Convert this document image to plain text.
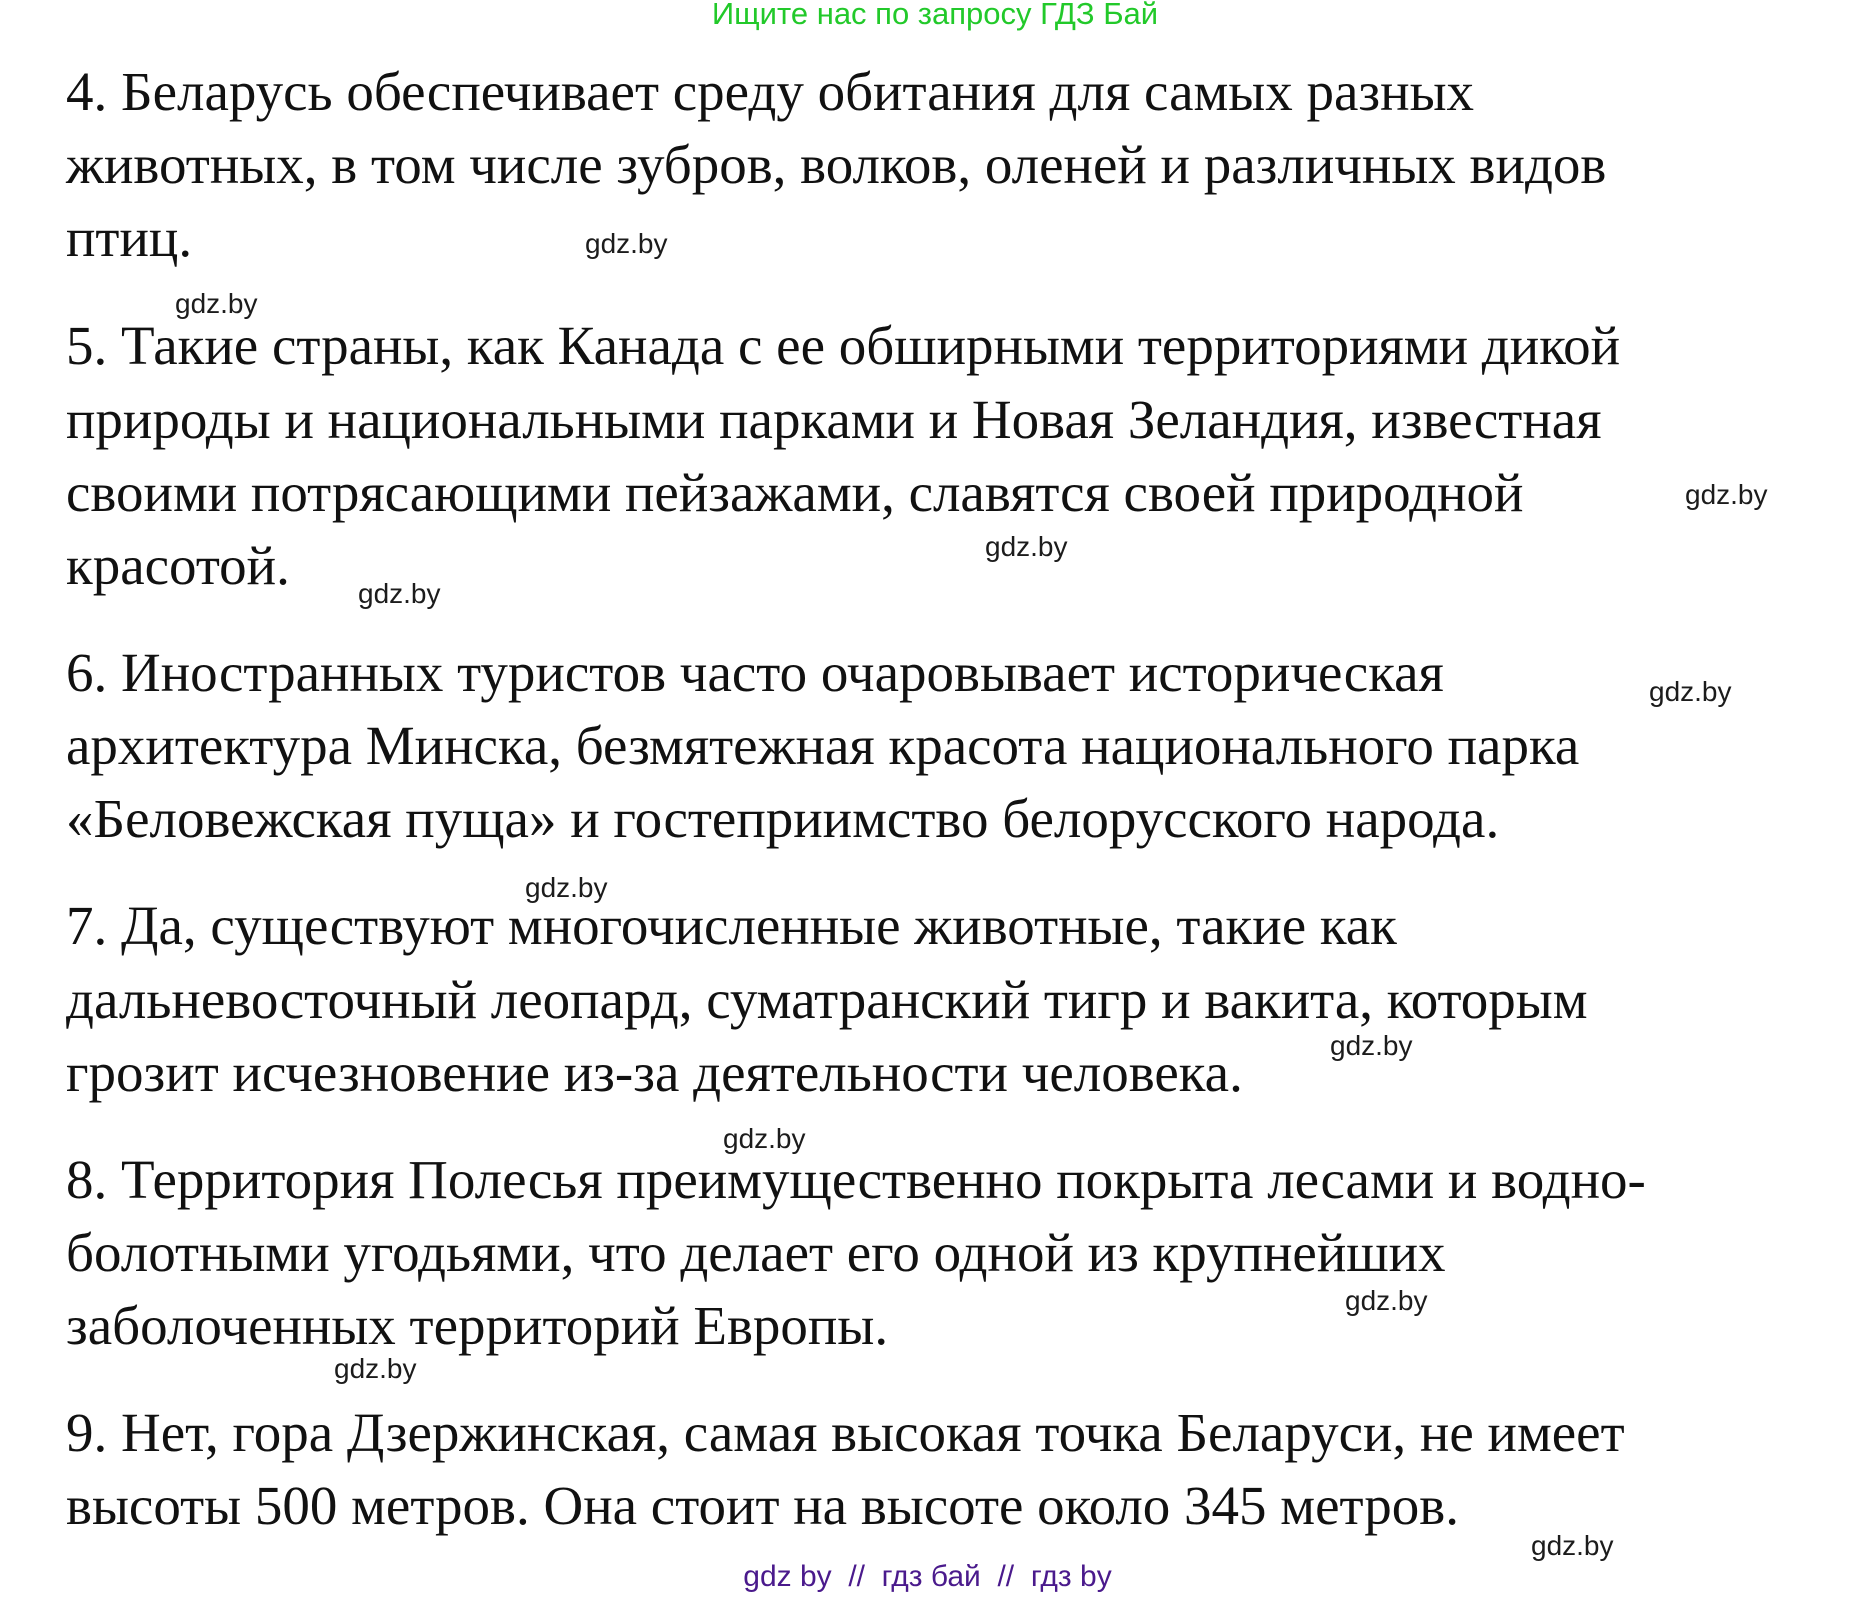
Ищите нас по запросу ГДЗ Бай
4. Беларусь обеспечивает среду обитания для самых разных
животных, в том числе зубров, волков, оленей и различных видов
птиц.
5. Такие страны, как Канада с ее обширными территориями дикой
природы и национальными парками и Новая Зеландия, известная
своими потрясающими пейзажами, славятся своей природной
красотой.
6. Иностранных туристов часто очаровывает историческая
архитектура Минска, безмятежная красота национального парка
«Беловежская пуща» и гостеприимство белорусского народа.
7. Да, существуют многочисленные животные, такие как
дальневосточный леопард, суматранский тигр и вакита, которым
грозит исчезновение из-за деятельности человека.
8. Территория Полесья преимущественно покрыта лесами и водно-
болотными угодьями, что делает его одной из крупнейших
заболоченных территорий Европы.
9. Нет, гора Дзержинская, самая высокая точка Беларуси, не имеет
высоты 500 метров. Она стоит на высоте около 345 метров.
gdz.by
gdz.by
gdz.by
gdz.by
gdz.by
gdz.by
gdz.by
gdz.by
gdz.by
gdz.by
gdz.by
gdz.by
gdz by  //  гдз бай  //  гдз by
